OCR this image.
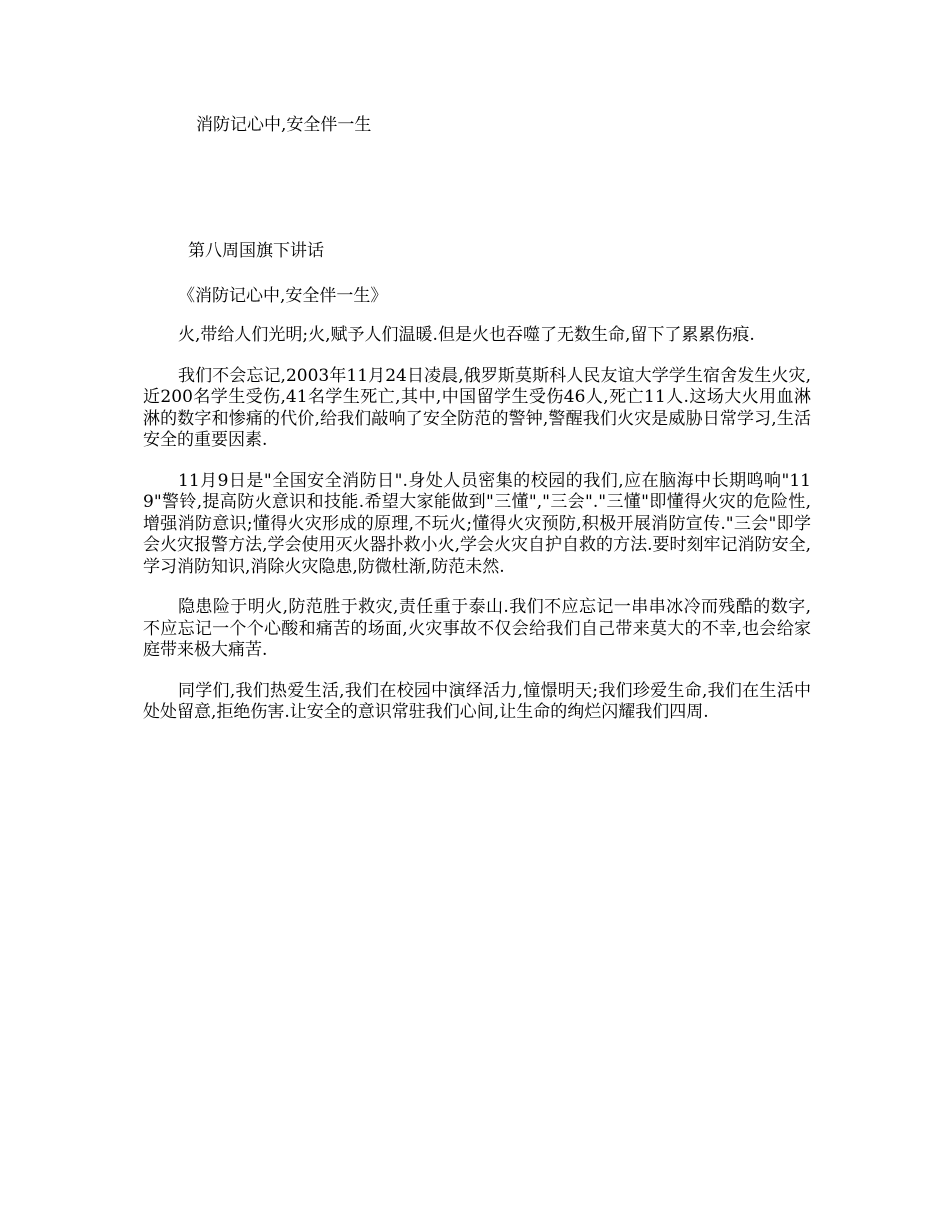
消防记心中,安全伴一生

第八周国旗下讲话

《消防记心中,安全伴一生》

火,带给人们光明;火,赋予人们温暖.但是火也吞噬了无数生命,留下了累累伤痕.

我们不会忘记,2003年11月24日凌晨,俄罗斯莫斯科人民友谊大学学生宿舍发生火灾,近200名学生受伤,41名学生死亡,其中,中国留学生受伤46人,死亡11人.这场大火用血淋淋的数字和惨痛的代价,给我们敲响了安全防范的警钟,警醒我们火灾是威胁日常学习,生活安全的重要因素.

11月9日是"全国安全消防日".身处人员密集的校园的我们,应在脑海中长期鸣响"119"警铃,提高防火意识和技能.希望大家能做到"三懂","三会"."三懂"即懂得火灾的危险性,增强消防意识;懂得火灾形成的原理,不玩火;懂得火灾预防,积极开展消防宣传."三会"即学会火灾报警方法,学会使用灭火器扑救小火,学会火灾自护自救的方法.要时刻牢记消防安全,学习消防知识,消除火灾隐患,防微杜渐,防范未然.

隐患险于明火,防范胜于救灾,责任重于泰山.我们不应忘记一串串冰冷而残酷的数字,不应忘记一个个心酸和痛苦的场面,火灾事故不仅会给我们自己带来莫大的不幸,也会给家庭带来极大痛苦.

同学们,我们热爱生活,我们在校园中演绎活力,憧憬明天;我们珍爱生命,我们在生活中处处留意,拒绝伤害.让安全的意识常驻我们心间,让生命的绚烂闪耀我们四周.
